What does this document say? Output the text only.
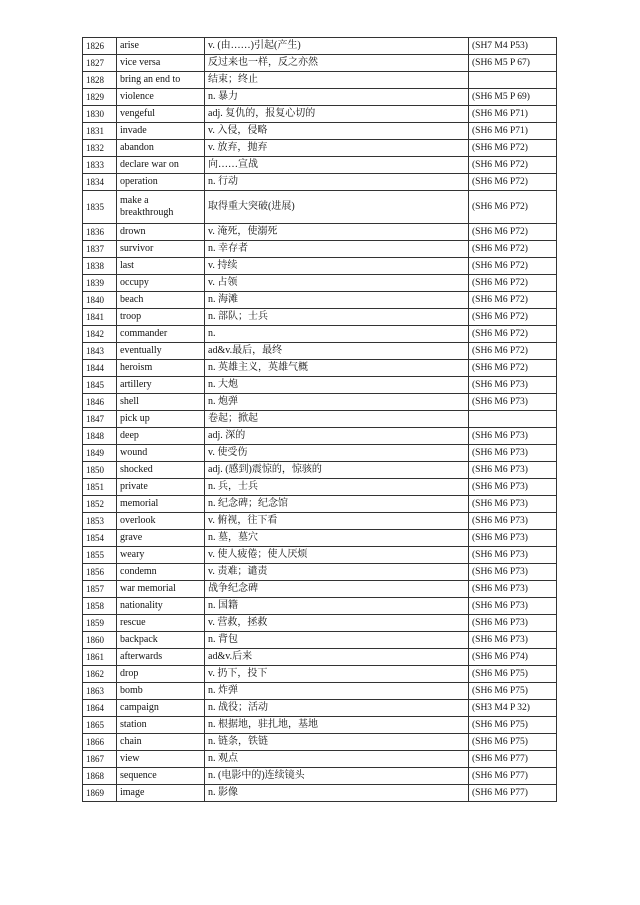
1826	arise	v. (由……)引起(产生)	(SH7 M4 P53)
1827	vice versa	反过来也一样，反之亦然	(SH6 M5 P 67)
1828	bring an end to	结束；终止	
1829	violence	n. 暴力	(SH6 M5 P 69)
1830	vengeful	adj. 复仇的，报复心切的	(SH6 M6 P71)
1831	invade	v. 入侵，侵略	(SH6 M6 P71)
1832	abandon	v. 放弃，抛弃	(SH6 M6 P72)
1833	declare war on	向……宣战	(SH6 M6 P72)
1834	operation	n. 行动	(SH6 M6 P72)
1835	make a breakthrough	取得重大突破(进展)	(SH6 M6 P72)
1836	drown	v. 淹死，使溺死	(SH6 M6 P72)
1837	survivor	n. 幸存者	(SH6 M6 P72)
1838	last	v. 持续	(SH6 M6 P72)
1839	occupy	v. 占领	(SH6 M6 P72)
1840	beach	n. 海滩	(SH6 M6 P72)
1841	troop	n. 部队；士兵	(SH6 M6 P72)
1842	commander	n.	(SH6 M6 P72)
1843	eventually	ad&v.最后，最终	(SH6 M6 P72)
1844	heroism	n. 英雄主义，英雄气概	(SH6 M6 P72)
1845	artillery	n. 大炮	(SH6 M6 P73)
1846	shell	n. 炮弹	(SH6 M6 P73)
1847	pick up	卷起；掀起	
1848	deep	adj. 深的	(SH6 M6 P73)
1849	wound	v. 使受伤	(SH6 M6 P73)
1850	shocked	adj. (感到)震惊的，惊骇的	(SH6 M6 P73)
1851	private	n. 兵，士兵	(SH6 M6 P73)
1852	memorial	n. 纪念碑；纪念馆	(SH6 M6 P73)
1853	overlook	v. 俯视，往下看	(SH6 M6 P73)
1854	grave	n. 墓，墓穴	(SH6 M6 P73)
1855	weary	v. 使人疲倦；使人厌烦	(SH6 M6 P73)
1856	condemn	v. 责难；谴责	(SH6 M6 P73)
1857	war memorial	战争纪念碑	(SH6 M6 P73)
1858	nationality	n. 国籍	(SH6 M6 P73)
1859	rescue	v. 营救，拯救	(SH6 M6 P73)
1860	backpack	n. 背包	(SH6 M6 P73)
1861	afterwards	ad&v.后来	(SH6 M6 P74)
1862	drop	v. 扔下，投下	(SH6 M6 P75)
1863	bomb	n. 炸弹	(SH6 M6 P75)
1864	campaign	n. 战役；活动	(SH3 M4 P 32)
1865	station	n. 根据地，驻扎地，基地	(SH6 M6 P75)
1866	chain	n. 链条，铁链	(SH6 M6 P75)
1867	view	n. 观点	(SH6 M6 P77)
1868	sequence	n. (电影中的)连续镜头	(SH6 M6 P77)
1869	image	n. 影像	(SH6 M6 P77)
